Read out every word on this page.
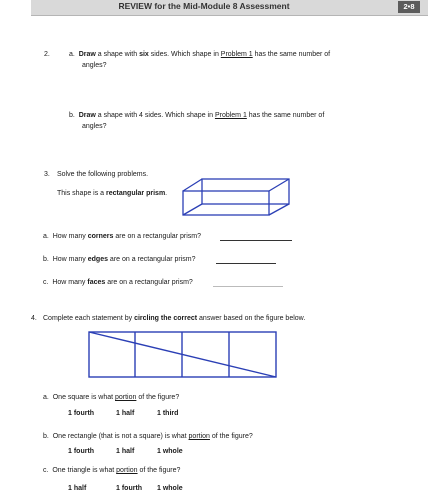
REVIEW for the Mid-Module 8 Assessment	2•8
2.	a. Draw a shape with six sides. Which shape in Problem 1 has the same number of
angles?
b. Draw a shape with 4 sides. Which shape in Problem 1 has the same number of
angles?
3. Solve the following problems.
This shape is a rectangular prism.
a. How many corners are on a rectangular prism?
b. How many edges are on a rectangular prism?
c. How many faces are on a rectangular prism?
4. Complete each statement by circling the correct answer based on the figure below.
a. One square is what portion of the figure?
1 fourth	1 half	1 third
b. One rectangle (that is not a square) is what portion of the figure?
1 fourth	1 half	1 whole
c. One triangle is what portion of the figure?
1 half	1 fourth 1 whole
